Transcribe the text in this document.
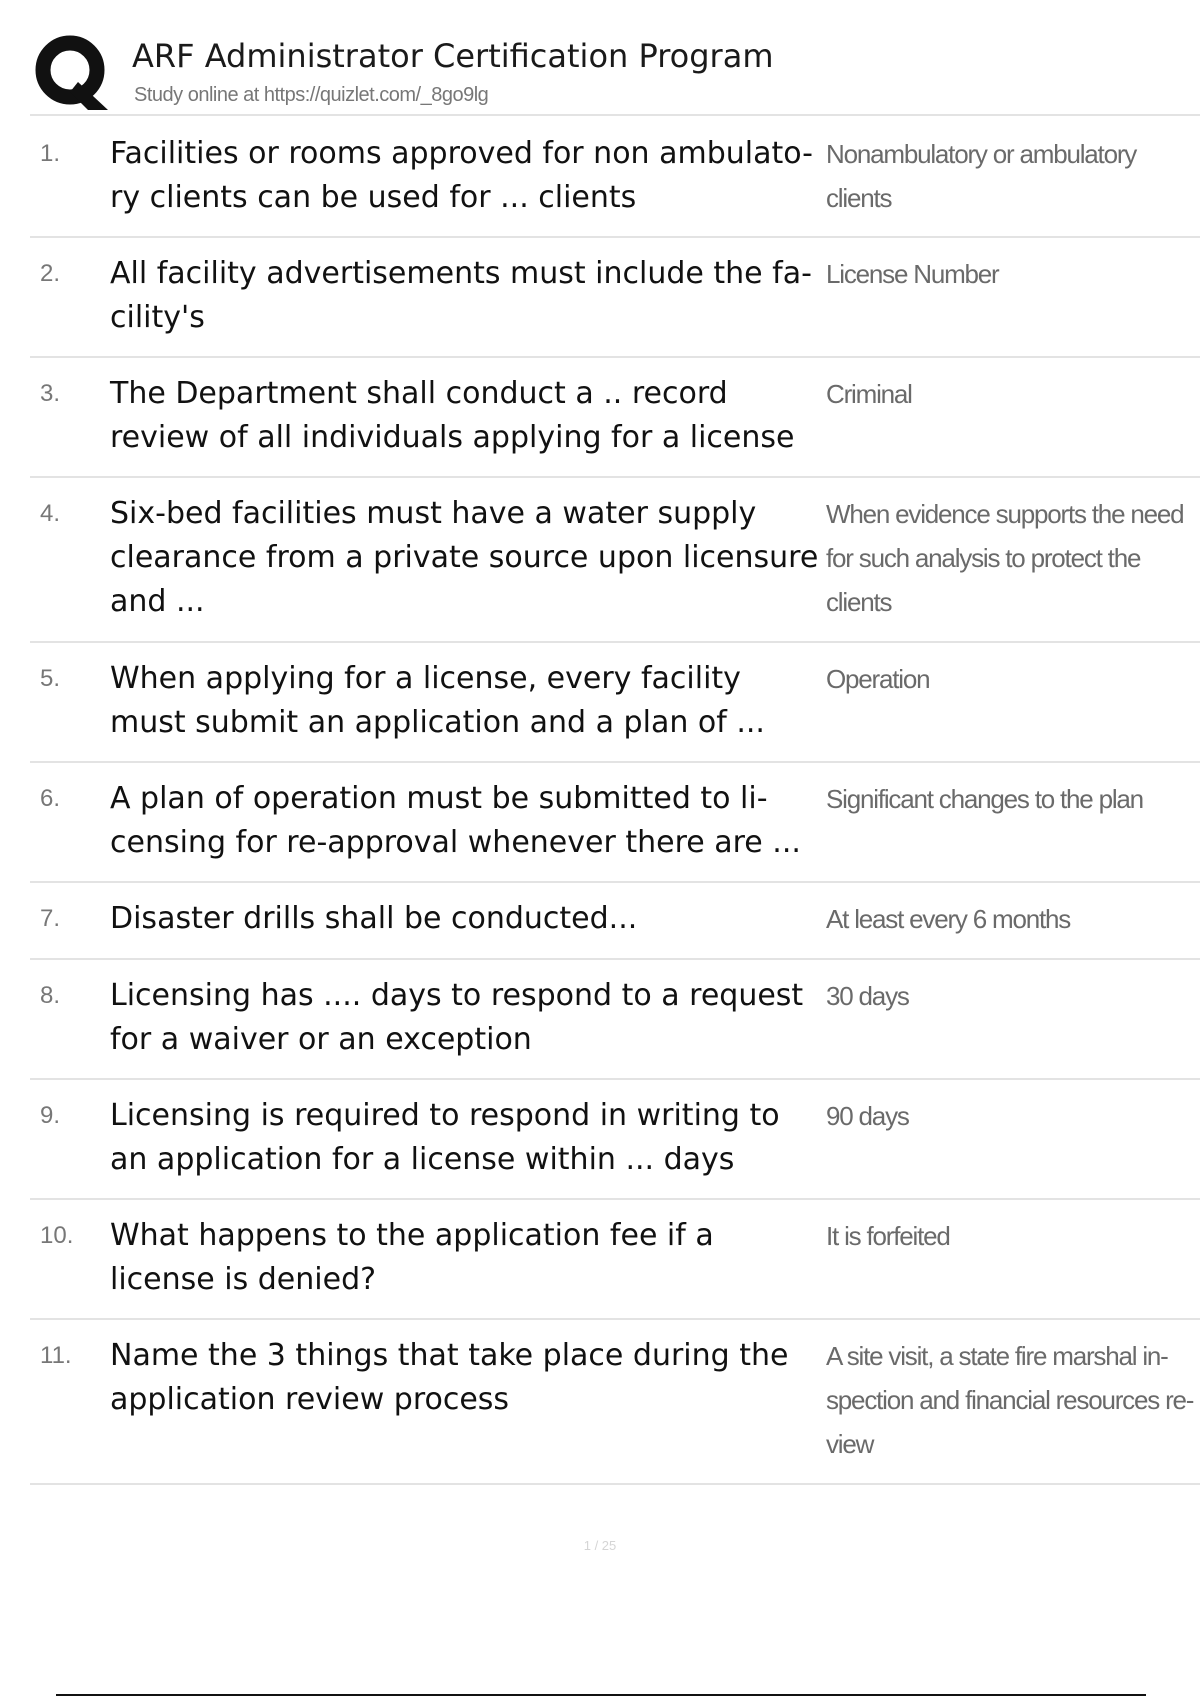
ARF Administrator Certification Program
Study online at https://quizlet.com/_8go9lg
1. Facilities or rooms approved for non ambulato- ry clients can be used for ... clients
Nonambulatory or ambulatory clients
2. All facility advertisements must include the fa- cility's
License Number
3. The Department shall conduct a .. record review of all individuals applying for a license
Criminal
4. Six-bed facilities must have a water supply clearance from a private source upon licensure and ...
When evidence supports the need for such analysis to protect the clients
5. When applying for a license, every facility must submit an application and a plan of ...
Operation
6. A plan of operation must be submitted to li- censing for re-approval whenever there are ...
Significant changes to the plan
7. Disaster drills shall be conducted...	At least every 6 months
8. Licensing has .... days to respond to a request for a waiver or an exception
30 days
9. Licensing is required to respond in writing to an application for a license within ... days
90 days
10. What happens to the application fee if a license is denied?
It is forfeited
11. Name the 3 things that take place during the application review process
A site visit, a state fire marshal in- spection and financial resources re- view
1 / 25
